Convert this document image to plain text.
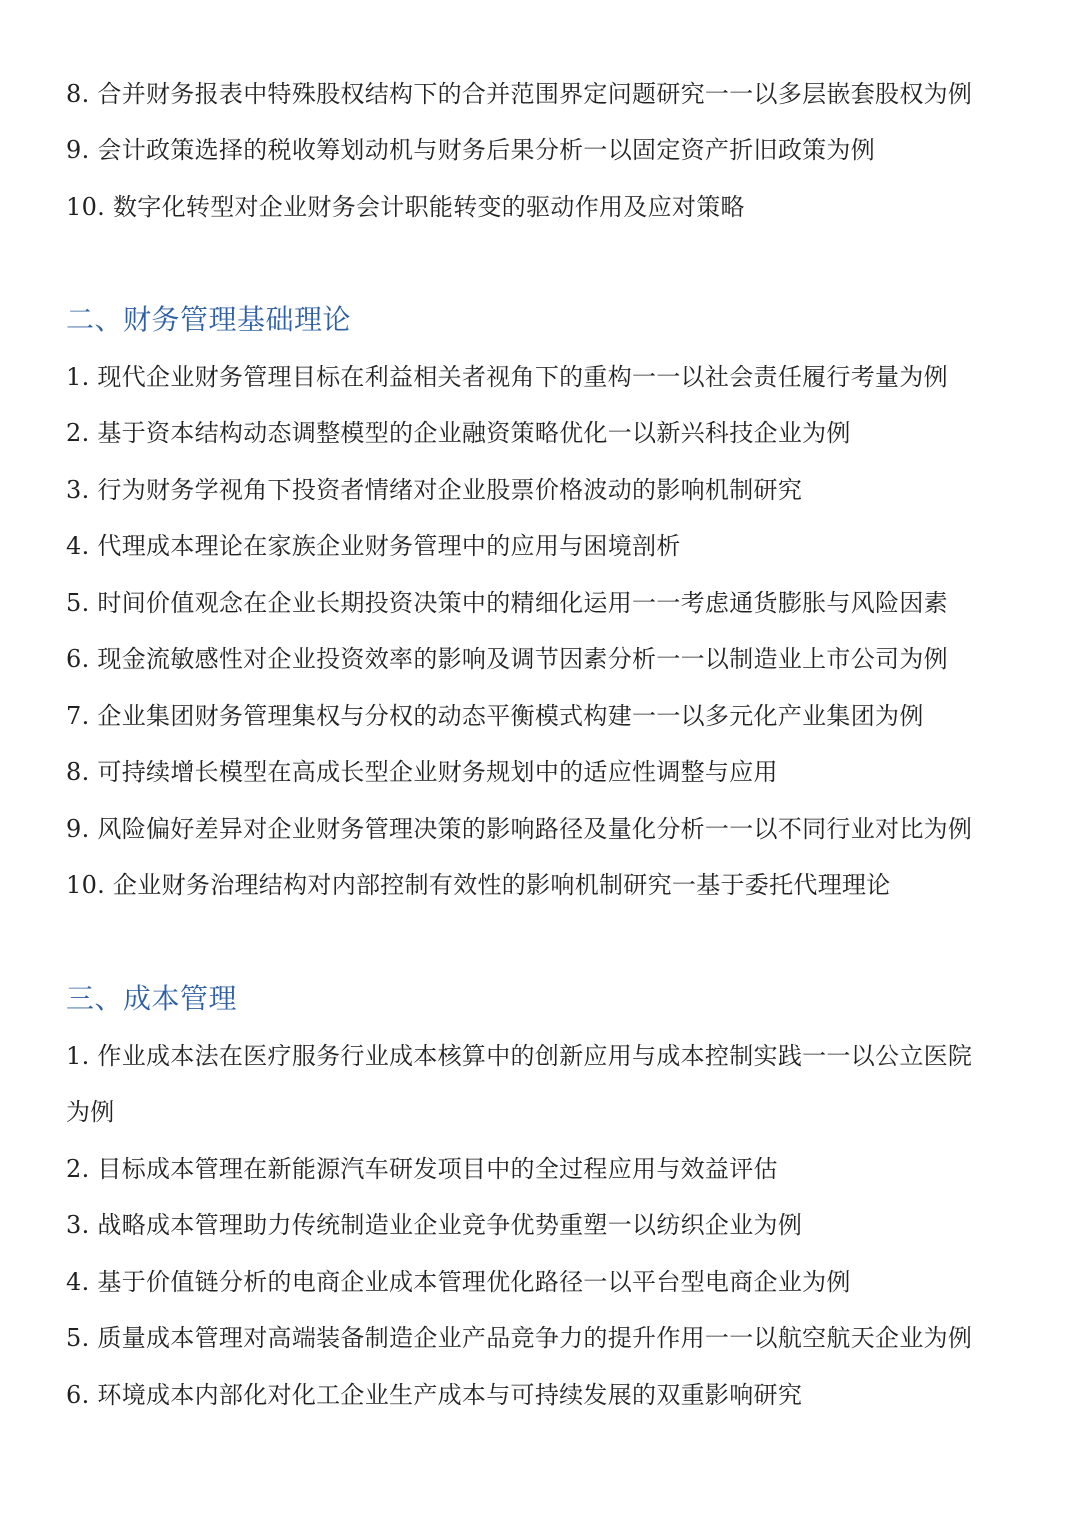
8. 合并财务报表中特殊股权结构下的合并范围界定问题研究一一以多层嵌套股权为例
9. 会计政策选择的税收筹划动机与财务后果分析一以固定资产折旧政策为例
10. 数字化转型对企业财务会计职能转变的驱动作用及应对策略
二、财务管理基础理论
1. 现代企业财务管理目标在利益相关者视角下的重构一一以社会责任履行考量为例
2. 基于资本结构动态调整模型的企业融资策略优化一以新兴科技企业为例
3. 行为财务学视角下投资者情绪对企业股票价格波动的影响机制研究
4. 代理成本理论在家族企业财务管理中的应用与困境剖析
5. 时间价值观念在企业长期投资决策中的精细化运用一一考虑通货膨胀与风险因素
6. 现金流敏感性对企业投资效率的影响及调节因素分析一一以制造业上市公司为例
7. 企业集团财务管理集权与分权的动态平衡模式构建一一以多元化产业集团为例
8. 可持续增长模型在高成长型企业财务规划中的适应性调整与应用
9. 风险偏好差异对企业财务管理决策的影响路径及量化分析一一以不同行业对比为例
10. 企业财务治理结构对内部控制有效性的影响机制研究一基于委托代理理论
三、成本管理
1. 作业成本法在医疗服务行业成本核算中的创新应用与成本控制实践一一以公立医院
为例
2. 目标成本管理在新能源汽车研发项目中的全过程应用与效益评估
3. 战略成本管理助力传统制造业企业竞争优势重塑一以纺织企业为例
4. 基于价值链分析的电商企业成本管理优化路径一以平台型电商企业为例
5. 质量成本管理对高端装备制造企业产品竞争力的提升作用一一以航空航天企业为例
6. 环境成本内部化对化工企业生产成本与可持续发展的双重影响研究
